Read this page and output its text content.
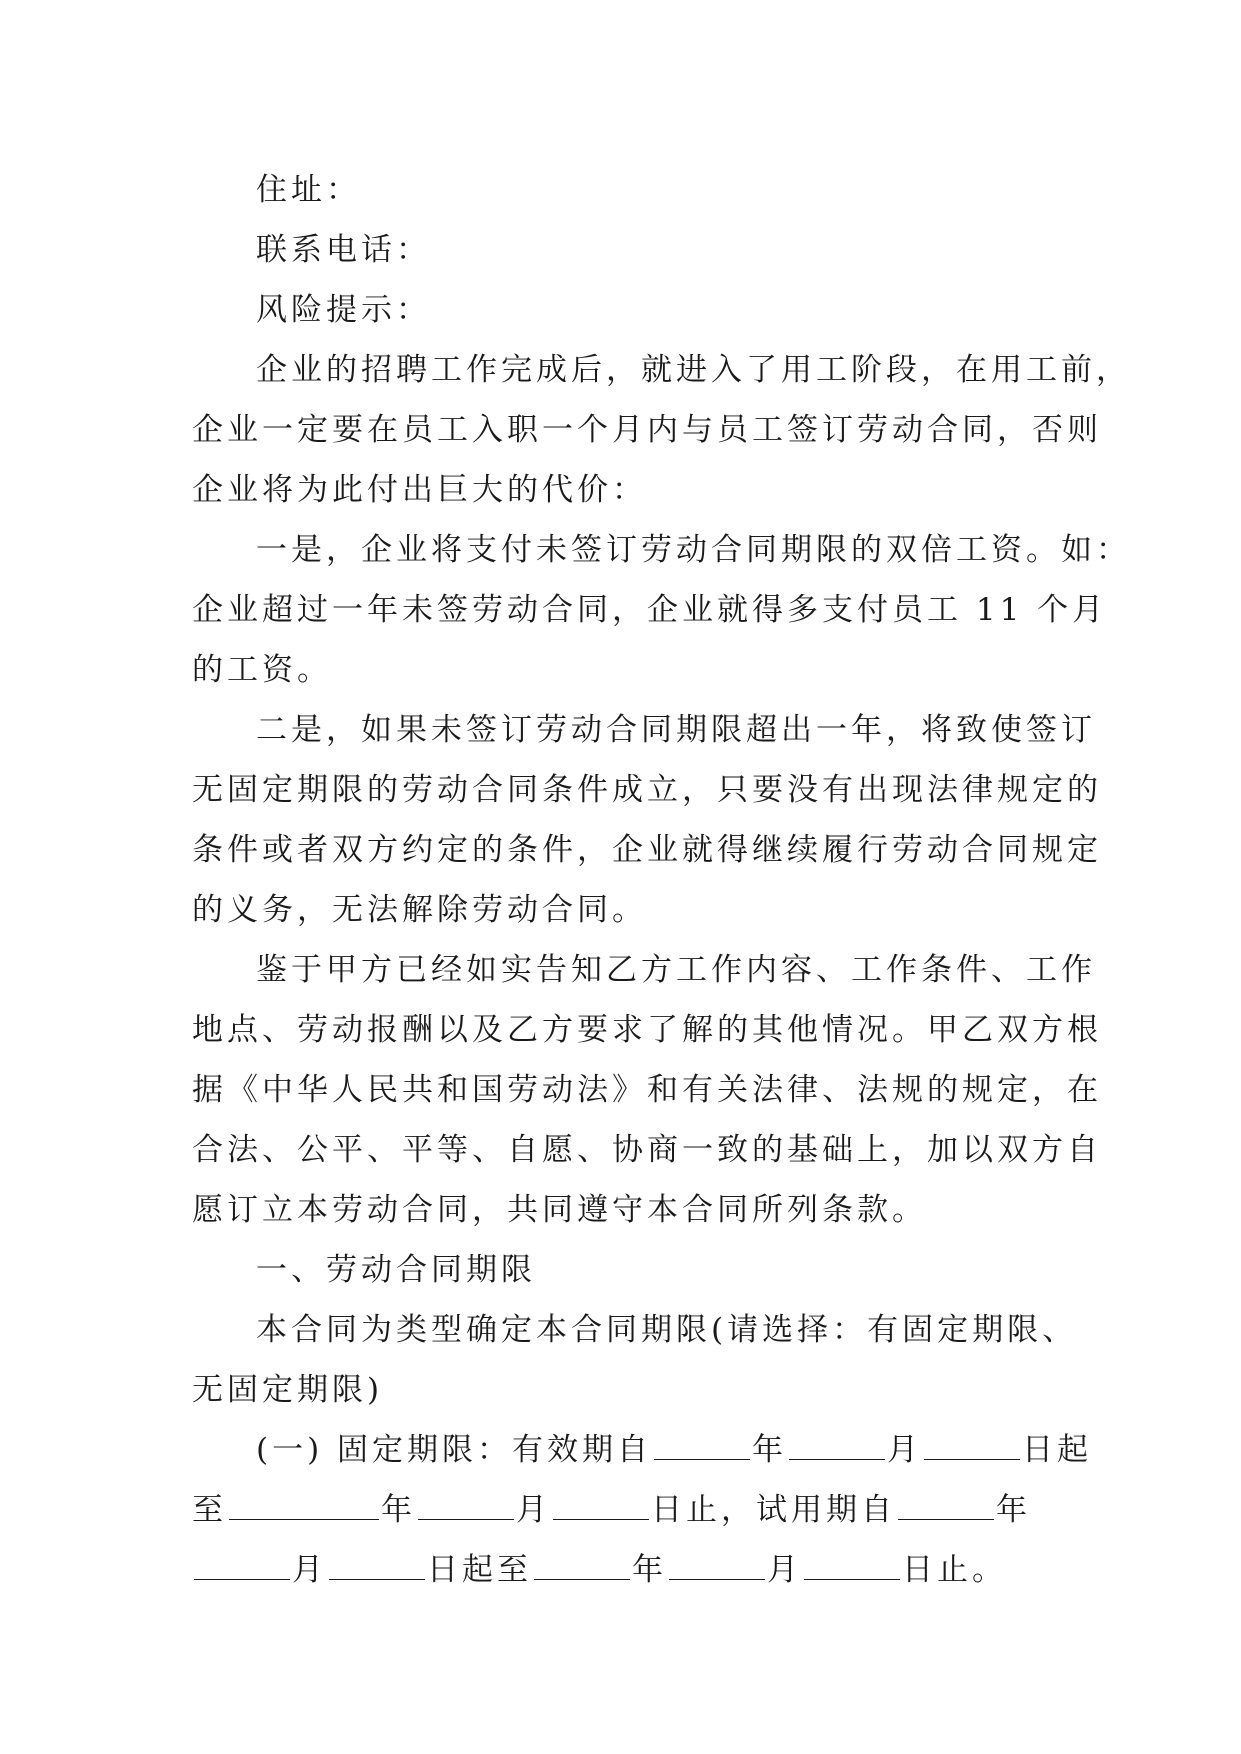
住址：

联系电话：

风险提示：

企业的招聘工作完成后，就进入了用工阶段，在用工前，

企业一定要在员工入职一个月内与员工签订劳动合同，否则

企业将为此付出巨大的代价：

一是，企业将支付未签订劳动合同期限的双倍工资。如：

企业超过一年未签劳动合同，企业就得多支付员工 11 个月

的工资。

二是，如果未签订劳动合同期限超出一年，将致使签订

无固定期限的劳动合同条件成立，只要没有出现法律规定的

条件或者双方约定的条件，企业就得继续履行劳动合同规定

的义务，无法解除劳动合同。

鉴于甲方已经如实告知乙方工作内容、工作条件、工作

地点、劳动报酬以及乙方要求了解的其他情况。甲乙双方根

据《中华人民共和国劳动法》和有关法律、法规的规定，在

合法、公平、平等、自愿、协商一致的基础上，加以双方自

愿订立本劳动合同，共同遵守本合同所列条款。

一、劳动合同期限

本合同为类型确定本合同期限(请选择：有固定期限、

无固定期限)

(一) 固定期限：有效期自	年	月	日起

至	年	月	日止，试用期自	年

月	日起至	年	月	日止。
